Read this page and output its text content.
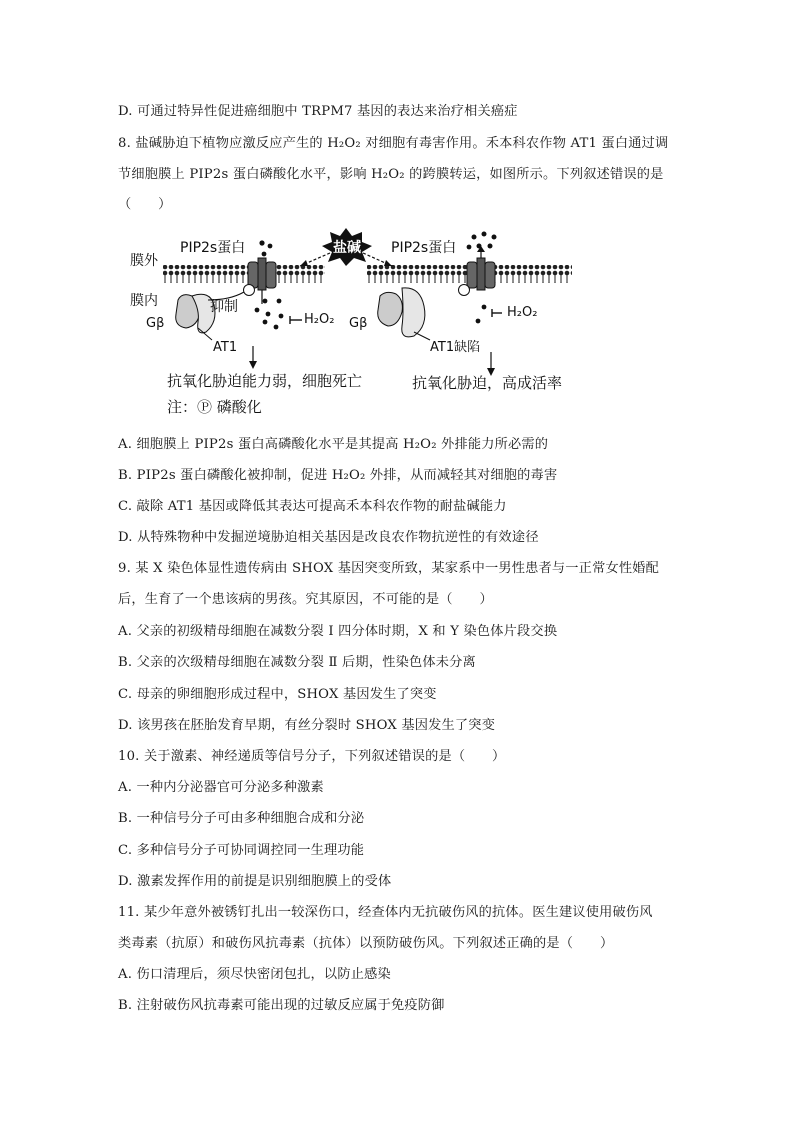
D. 可通过特异性促进癌细胞中 TRPM7 基因的表达来治疗相关癌症
8. 盐碱胁迫下植物应激反应产生的 H₂O₂ 对细胞有毒害作用。禾本科农作物 AT1 蛋白通过调
节细胞膜上 PIP2s 蛋白磷酸化水平，影响 H₂O₂ 的跨膜转运，如图所示。下列叙述错误的是
（　　）
膜外
膜内
PIP2s蛋白	PIP2s蛋白
盐碱
抑制
Gβ	Gβ
AT1	AT1缺陷
H₂O₂	H₂O₂
抗氧化胁迫能力弱，细胞死亡	抗氧化胁迫，高成活率
注：Ⓟ 磷酸化
A. 细胞膜上 PIP2s 蛋白高磷酸化水平是其提高 H₂O₂ 外排能力所必需的
B. PIP2s 蛋白磷酸化被抑制，促进 H₂O₂ 外排，从而减轻其对细胞的毒害
C. 敲除 AT1 基因或降低其表达可提高禾本科农作物的耐盐碱能力
D. 从特殊物种中发掘逆境胁迫相关基因是改良农作物抗逆性的有效途径
9. 某 X 染色体显性遗传病由 SHOX 基因突变所致，某家系中一男性患者与一正常女性婚配
后，生育了一个患该病的男孩。究其原因，不可能的是（　　）
A. 父亲的初级精母细胞在减数分裂 I 四分体时期，X 和 Y 染色体片段交换
B. 父亲的次级精母细胞在减数分裂 Ⅱ 后期，性染色体未分离
C. 母亲的卵细胞形成过程中，SHOX 基因发生了突变
D. 该男孩在胚胎发育早期，有丝分裂时 SHOX 基因发生了突变
10. 关于激素、神经递质等信号分子，下列叙述错误的是（　　）
A. 一种内分泌器官可分泌多种激素
B. 一种信号分子可由多种细胞合成和分泌
C. 多种信号分子可协同调控同一生理功能
D. 激素发挥作用的前提是识别细胞膜上的受体
11. 某少年意外被锈钉扎出一较深伤口，经查体内无抗破伤风的抗体。医生建议使用破伤风
类毒素（抗原）和破伤风抗毒素（抗体）以预防破伤风。下列叙述正确的是（　　）
A. 伤口清理后，须尽快密闭包扎，以防止感染
B. 注射破伤风抗毒素可能出现的过敏反应属于免疫防御
